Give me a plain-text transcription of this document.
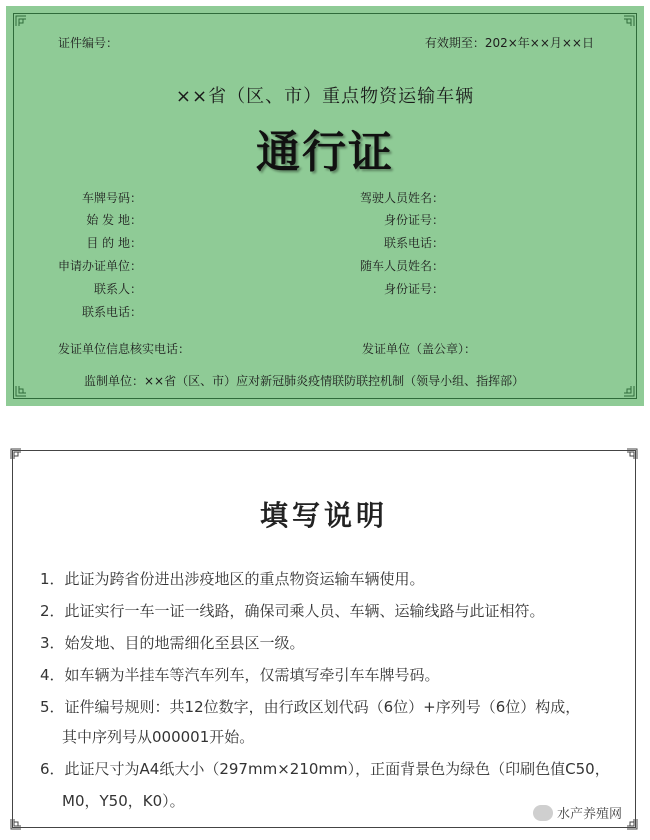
证件编号：	有效期至：202×年××月××日
××省（区、市）重点物资运输车辆
通行证
车牌号码：
始 发 地：
目 的 地：
申请办证单位：
联系人：
联系电话：
驾驶人员姓名：
身份证号：
联系电话：
随车人员姓名：
身份证号：
发证单位信息核实电话：	发证单位（盖公章）：
监制单位：××省（区、市）应对新冠肺炎疫情联防联控机制（领导小组、指挥部）
填写说明
1．此证为跨省份进出涉疫地区的重点物资运输车辆使用。
2．此证实行一车一证一线路，确保司乘人员、车辆、运输线路与此证相符。
3．始发地、目的地需细化至县区一级。
4．如车辆为半挂车等汽车列车，仅需填写牵引车车牌号码。
5．证件编号规则：共12位数字，由行政区划代码（6位）+序列号（6位）构成，
其中序列号从000001开始。
6．此证尺寸为A4纸大小（297mm×210mm），正面背景色为绿色（印刷色值C50，
M0，Y50，K0）。
水产养殖网
